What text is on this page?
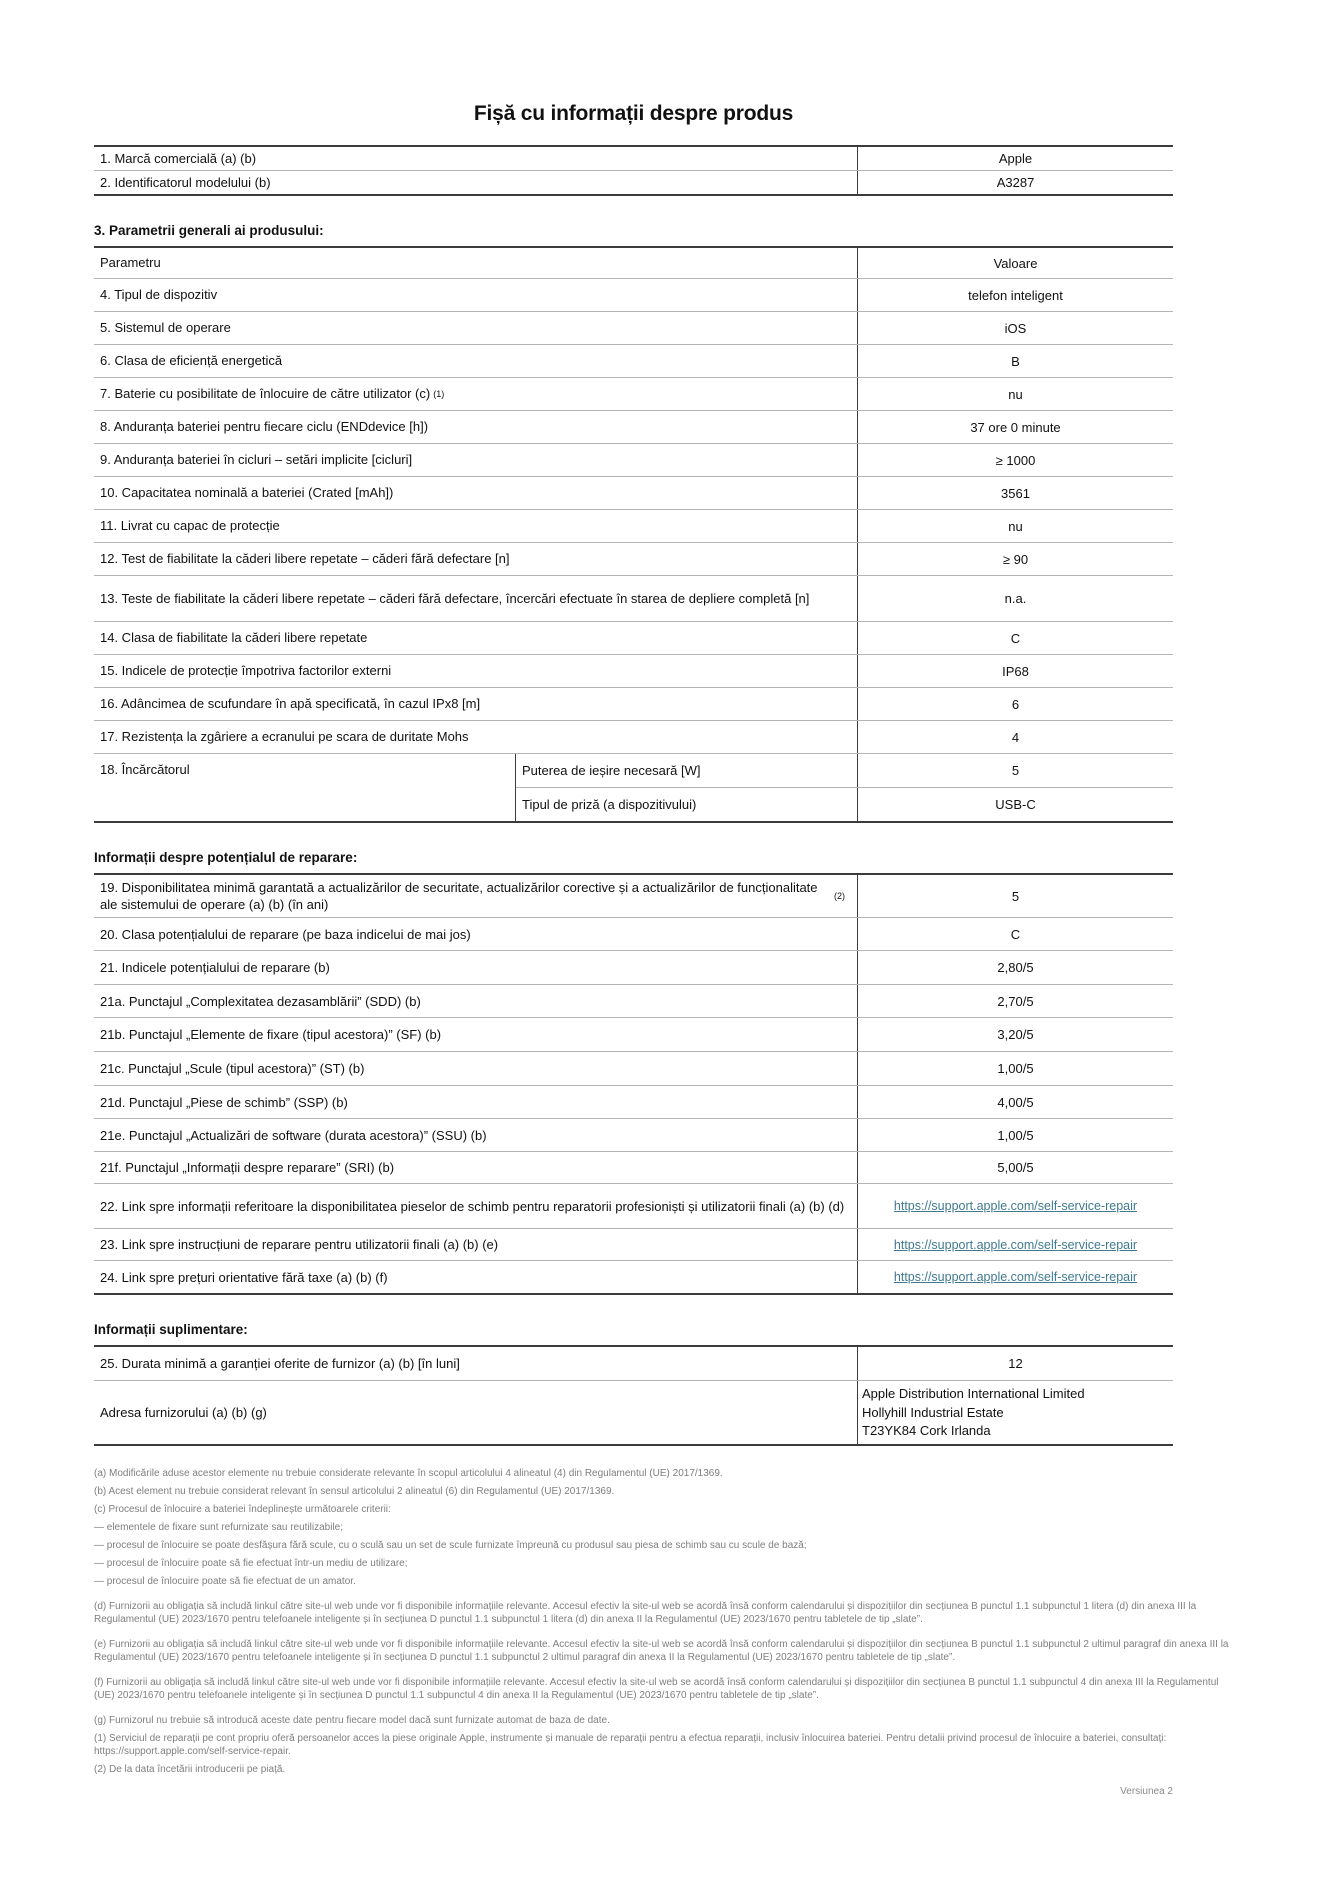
Fișă cu informații despre produs
1. Marcă comercială (a) (b)	Apple
2. Identificatorul modelului (b)	A3287
3. Parametrii generali ai produsului:
Parametru	Valoare
4. Tipul de dispozitiv	telefon inteligent
5. Sistemul de operare	iOS
6. Clasa de eficiență energetică	B
7. Baterie cu posibilitate de înlocuire de către utilizator (c) (1)	nu
8. Anduranța bateriei pentru fiecare ciclu (ENDdevice [h])	37 ore 0 minute
9. Anduranța bateriei în cicluri – setări implicite [cicluri]	≥ 1000
10. Capacitatea nominală a bateriei (Crated [mAh])	3561
11. Livrat cu capac de protecție	nu
12. Test de fiabilitate la căderi libere repetate – căderi fără defectare [n]	≥ 90
13. Teste de fiabilitate la căderi libere repetate – căderi fără defectare, încercări efectuate în starea de depliere completă [n]	n.a.
14. Clasa de fiabilitate la căderi libere repetate	C
15. Indicele de protecție împotriva factorilor externi	IP68
16. Adâncimea de scufundare în apă specificată, în cazul IPx8 [m]	6
17. Rezistența la zgâriere a ecranului pe scara de duritate Mohs	4
18. Încărcătorul	Puterea de ieșire necesară [W]	5
Tipul de priză (a dispozitivului)	USB-C
Informații despre potențialul de reparare:
19. Disponibilitatea minimă garantată a actualizărilor de securitate, actualizărilor corective și a actualizărilor de funcționalitate ale sistemului de operare (a) (b) (în ani)
(2)	5
20. Clasa potențialului de reparare (pe baza indicelui de mai jos)	C
21. Indicele potențialului de reparare (b)	2,80/5
21a. Punctajul „Complexitatea dezasamblării” (SDD) (b)	2,70/5
21b. Punctajul „Elemente de fixare (tipul acestora)” (SF) (b)	3,20/5
21c. Punctajul „Scule (tipul acestora)” (ST) (b)	1,00/5
21d. Punctajul „Piese de schimb” (SSP) (b)	4,00/5
21e. Punctajul „Actualizări de software (durata acestora)” (SSU) (b)	1,00/5
21f. Punctajul „Informații despre reparare” (SRI) (b)	5,00/5
22. Link spre informații referitoare la disponibilitatea pieselor de schimb pentru reparatorii profesioniști și utilizatorii finali (a) (b) (d)	https://support.apple.com/self-service-repair
23. Link spre instrucțiuni de reparare pentru utilizatorii finali (a) (b) (e)	https://support.apple.com/self-service-repair
24. Link spre prețuri orientative fără taxe (a) (b) (f)	https://support.apple.com/self-service-repair
Informații suplimentare:
25. Durata minimă a garanției oferite de furnizor (a) (b) [în luni]	12
Adresa furnizorului (a) (b) (g)
Apple Distribution International Limited
Hollyhill Industrial Estate
T23YK84 Cork Irlanda
(a) Modificările aduse acestor elemente nu trebuie considerate relevante în scopul articolului 4 alineatul (4) din Regulamentul (UE) 2017/1369.
(b) Acest element nu trebuie considerat relevant în sensul articolului 2 alineatul (6) din Regulamentul (UE) 2017/1369.
(c) Procesul de înlocuire a bateriei îndeplinește următoarele criterii:
— elementele de fixare sunt refurnizate sau reutilizabile;
— procesul de înlocuire se poate desfășura fără scule, cu o sculă sau un set de scule furnizate împreună cu produsul sau piesa de schimb sau cu scule de bază;
— procesul de înlocuire poate să fie efectuat într-un mediu de utilizare;
— procesul de înlocuire poate să fie efectuat de un amator.
(d) Furnizorii au obligația să includă linkul către site-ul web unde vor fi disponibile informațiile relevante. Accesul efectiv la site-ul web se acordă însă conform calendarului și dispozițiilor din secțiunea B punctul 1.1 subpunctul 1 litera (d) din anexa III la Regulamentul (UE) 2023/1670 pentru telefoanele inteligente și în secțiunea D punctul 1.1 subpunctul 1 litera (d) din anexa II la Regulamentul (UE) 2023/1670 pentru tabletele de tip „slate”.
(e) Furnizorii au obligația să includă linkul către site-ul web unde vor fi disponibile informațiile relevante. Accesul efectiv la site-ul web se acordă însă conform calendarului și dispozițiilor din secțiunea B punctul 1.1 subpunctul 2 ultimul paragraf din anexa III la Regulamentul (UE) 2023/1670 pentru telefoanele inteligente și în secțiunea D punctul 1.1 subpunctul 2 ultimul paragraf din anexa II la Regulamentul (UE) 2023/1670 pentru tabletele de tip „slate”.
(f) Furnizorii au obligația să includă linkul către site-ul web unde vor fi disponibile informațiile relevante. Accesul efectiv la site-ul web se acordă însă conform calendarului și dispozițiilor din secțiunea B punctul 1.1 subpunctul 4 din anexa III la Regulamentul (UE) 2023/1670 pentru telefoanele inteligente și în secțiunea D punctul 1.1 subpunctul 4 din anexa II la Regulamentul (UE) 2023/1670 pentru tabletele de tip „slate”.
(g) Furnizorul nu trebuie să introducă aceste date pentru fiecare model dacă sunt furnizate automat de baza de date.
(1) Serviciul de reparații pe cont propriu oferă persoanelor acces la piese originale Apple, instrumente și manuale de reparații pentru a efectua reparații, inclusiv înlocuirea bateriei. Pentru detalii privind procesul de înlocuire a bateriei, consultați: https://support.apple.com/self-service-repair.
(2) De la data încetării introducerii pe piață.
Versiunea 2
